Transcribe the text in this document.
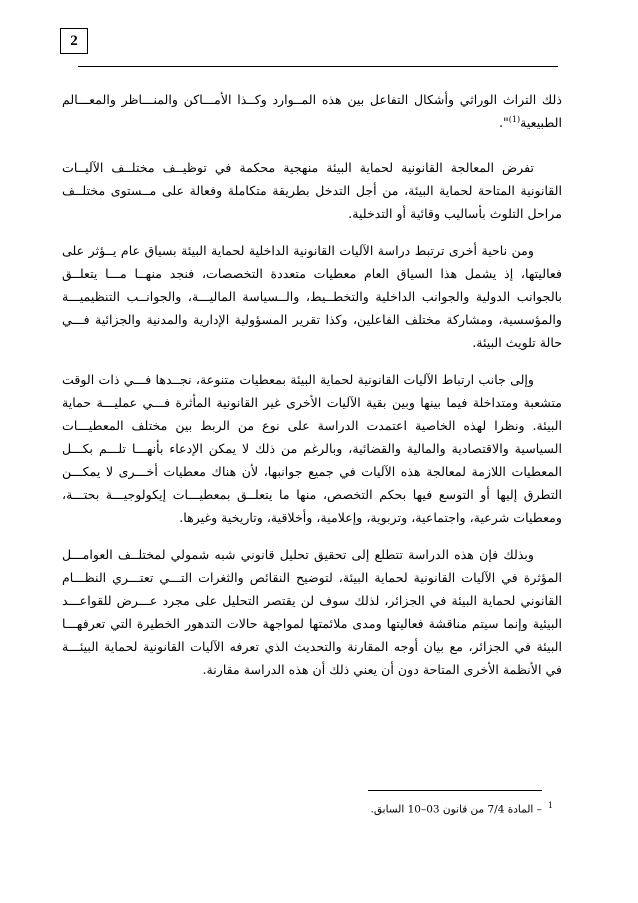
2

ذلك التراث الوراثي وأشكال التفاعل بين هذه المــوارد وكــذا الأمـــاكن والمنـــاظر والمعـــالم الطبيعية$^{(1)}$".

تفرض المعالجة القانونية لحماية البيئة منهجية محكمة في توظيــف مختلــف الآليــات القانونية المتاحة لحماية البيئة، من أجل التدخل بطريقة متكاملة وفعالة على مــستوى مختلــف مراحل التلوث بأساليب وقائية أو التدخلية.

ومن ناحية أخرى ترتبط دراسة الآليات القانونية الداخلية لحماية البيئة بسياق عام يــؤثر على فعاليتها، إذ يشمل هذا السياق العام معطيات متعددة التخصصات، فنجد منهــا مـــا يتعلــق بالجوانب الدولية والجوانب الداخلية والتخطــيط، والــسياسة الماليـــة، والجوانــب التنظيميـــة والمؤسسية، ومشاركة مختلف الفاعلين، وكذا تقرير المسؤولية الإدارية والمدنية والجزائية فـــي حالة تلويث البيئة.

وإلى جانب ارتباط الآليات القانونية لحماية البيئة بمعطيات متنوعة، نجــدها فـــي ذات الوقت متشعبة ومتداخلة فيما بينها وبين بقية الآليات الأخرى غير القانونية المأثرة فـــي عمليـــة حماية البيئة. ونظرا لهذه الخاصية اعتمدت الدراسة على نوع من الربط بين مختلف المعطيـــات السياسية والاقتصادية والمالية والقضائية، وبالرغم من ذلك لا يمكن الإدعاء بأنهـــا تلـــم بكـــل المعطيات اللازمة لمعالجة هذه الآليات في جميع جوانبها، لأن هناك معطيات أخـــرى لا يمكـــن التطرق إليها أو التوسع فيها بحكم التخصص، منها ما يتعلــق بمعطيـــات إيكولوجيـــة بحتـــة، ومعطيات شرعية، واجتماعية، وتربوية، وإعلامية، وأخلاقية، وتاريخية وغيرها.

وبذلك فإن هذه الدراسة تتطلع إلى تحقيق تحليل قانوني شبه شمولي لمختلــف العوامـــل المؤثرة في الآليات القانونية لحماية البيئة، لتوضيح النقائص والثغرات التـــي تعتـــري النظـــام القانوني لحماية البيئة في الجزائر، لذلك سوف لن يقتصر التحليل على مجرد عـــرض للقواعـــد البيئية وإنما سيتم مناقشة فعاليتها ومدى ملائمتها لمواجهة حالات التدهور الخطيرة التي تعرفهـــا البيئة في الجزائر، مع بيان أوجه المقارنة والتحديث الذي تعرفه الآليات القانونية لحماية البيئـــة في الأنظمة الأخرى المتاحة دون أن يعني ذلك أن هذه الدراسة مقارنة.

$^1$– المادة 7/4 من قانون 03–10 السابق.
